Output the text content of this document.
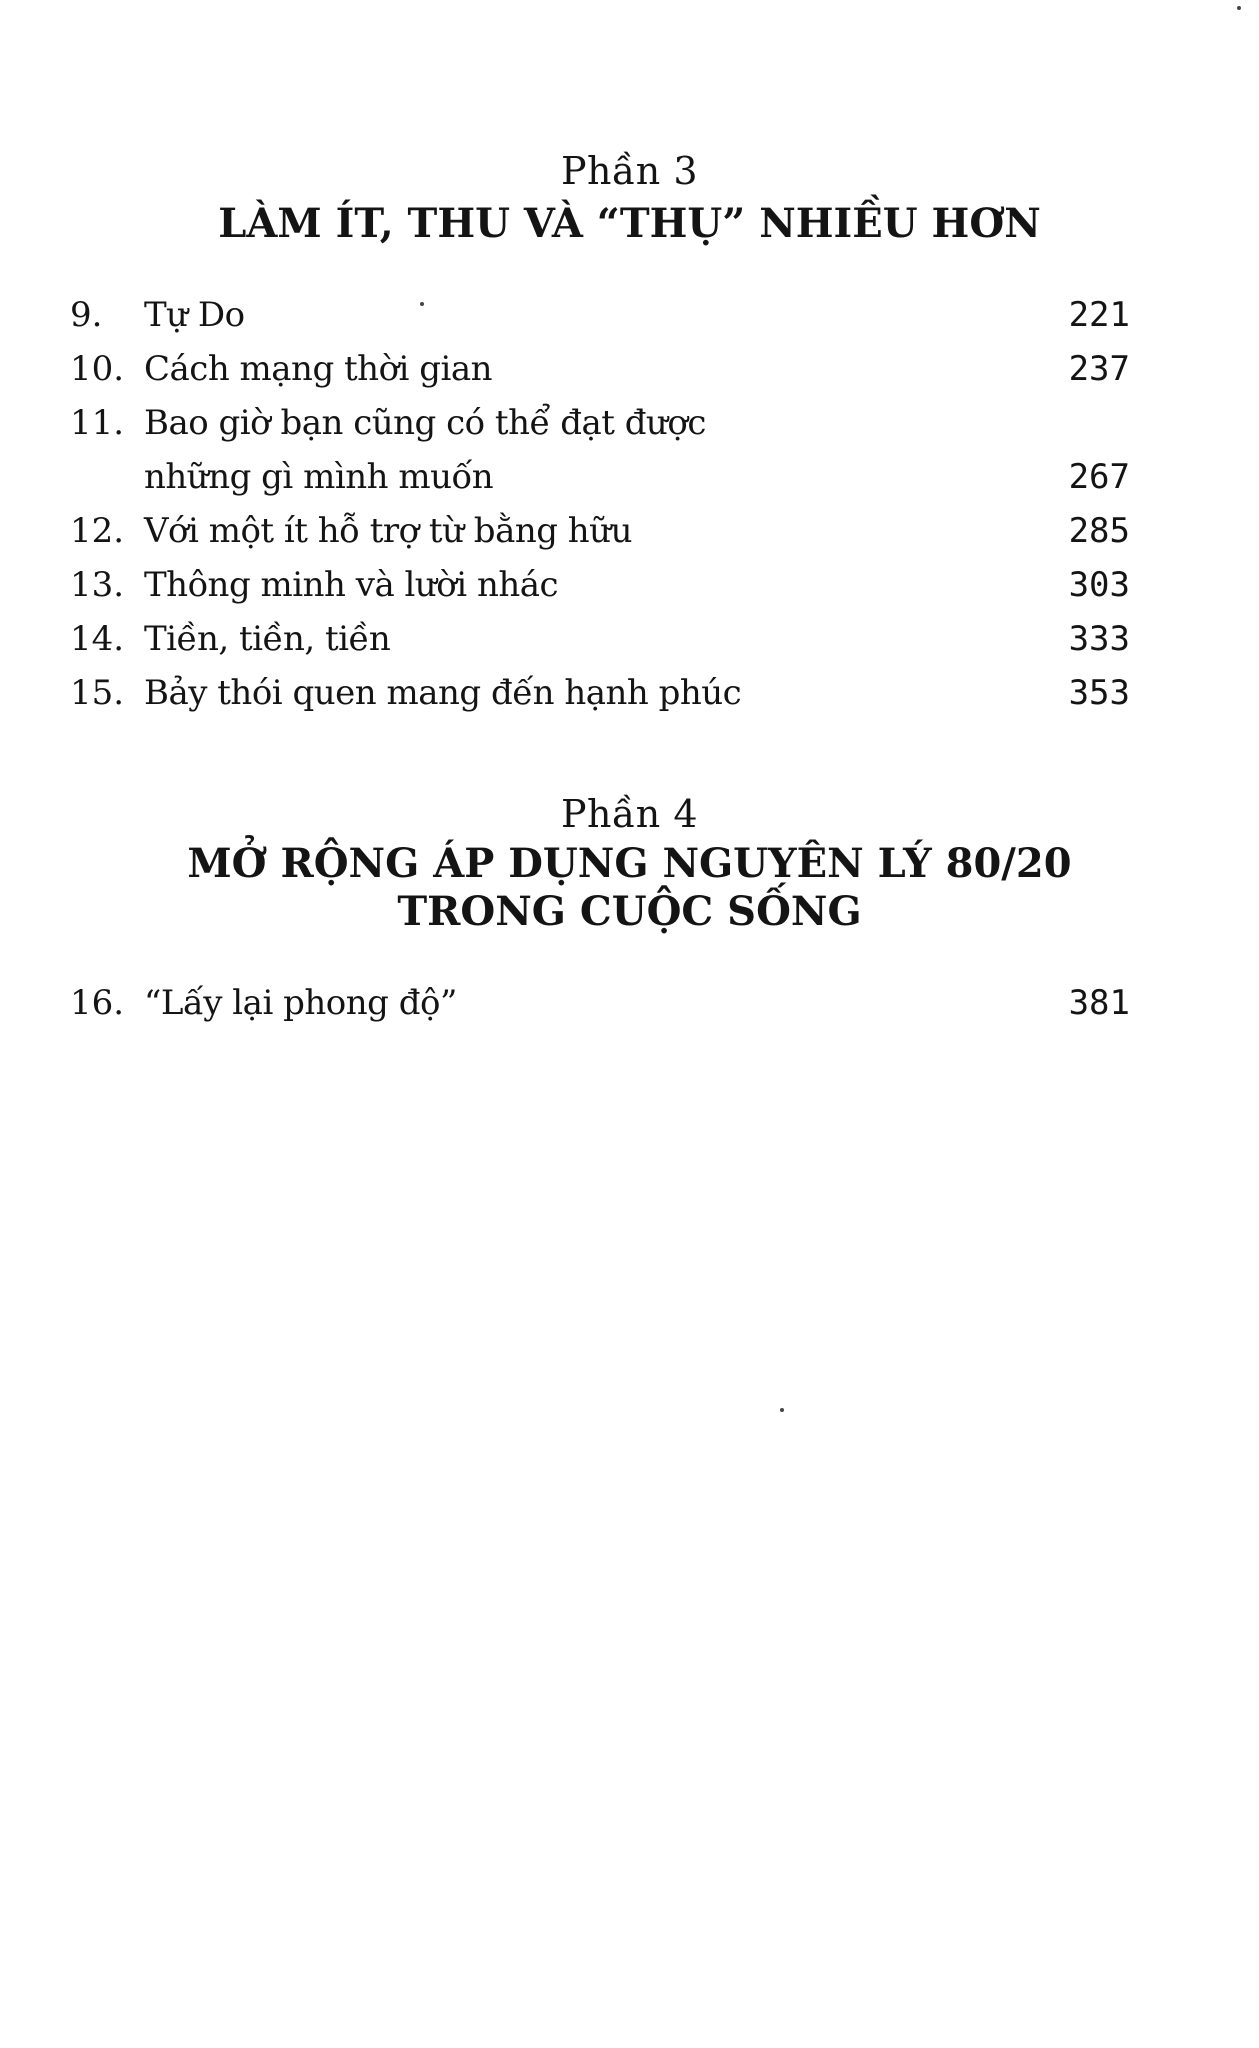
Phần 3
LÀM ÍT, THU VÀ “THỤ” NHIỀU HƠN
9.	Tự Do	221
10. Cách mạng thời gian	237
11. Bao giờ bạn cũng có thể đạt được
những gì mình muốn	267
12. Với một ít hỗ trợ từ bằng hữu	285
13. Thông minh và lười nhác	303
14. Tiền, tiền, tiền	333
15. Bảy thói quen mang đến hạnh phúc	353
Phần 4
MỞ RỘNG ÁP DỤNG NGUYÊN LÝ 80/20
TRONG CUỘC SỐNG
16. “Lấy lại phong độ”	381
